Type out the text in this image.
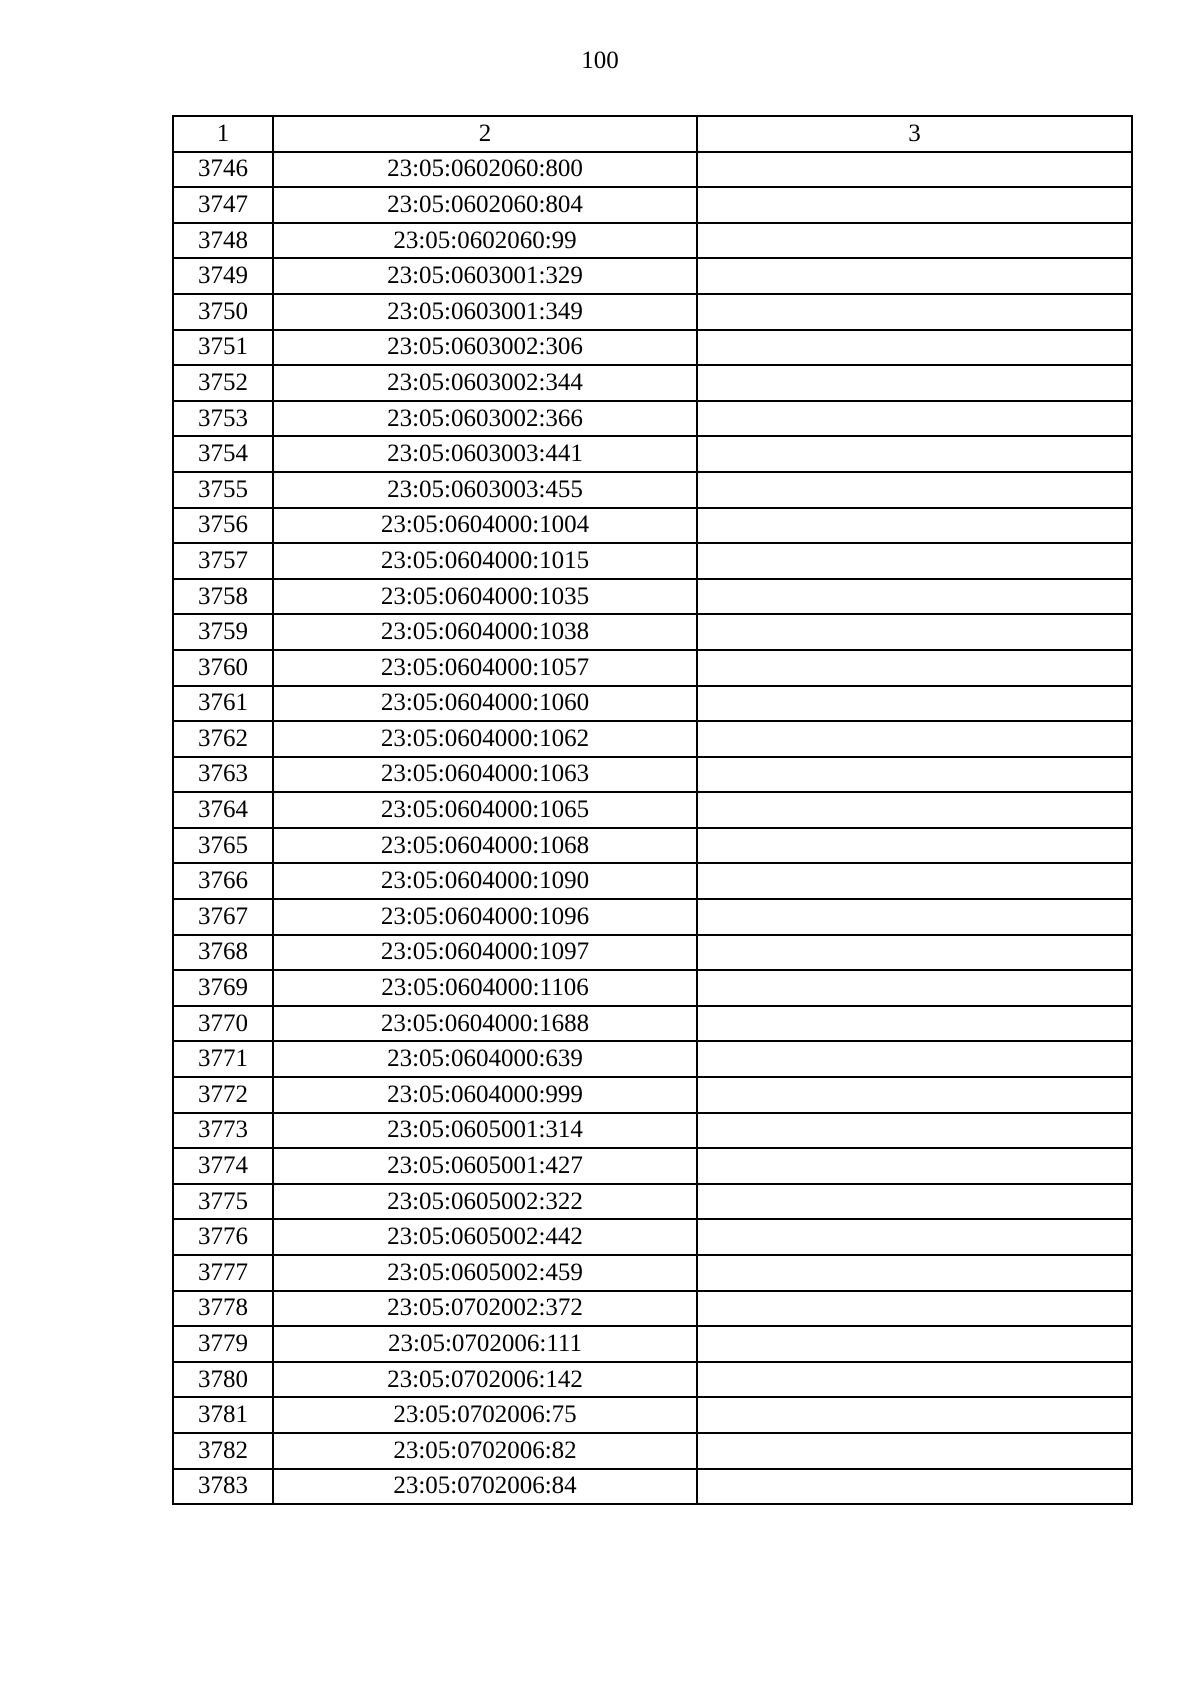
100
1	2	3
3746	23:05:0602060:800	
3747	23:05:0602060:804	
3748	23:05:0602060:99	
3749	23:05:0603001:329	
3750	23:05:0603001:349	
3751	23:05:0603002:306	
3752	23:05:0603002:344	
3753	23:05:0603002:366	
3754	23:05:0603003:441	
3755	23:05:0603003:455	
3756	23:05:0604000:1004	
3757	23:05:0604000:1015	
3758	23:05:0604000:1035	
3759	23:05:0604000:1038	
3760	23:05:0604000:1057	
3761	23:05:0604000:1060	
3762	23:05:0604000:1062	
3763	23:05:0604000:1063	
3764	23:05:0604000:1065	
3765	23:05:0604000:1068	
3766	23:05:0604000:1090	
3767	23:05:0604000:1096	
3768	23:05:0604000:1097	
3769	23:05:0604000:1106	
3770	23:05:0604000:1688	
3771	23:05:0604000:639	
3772	23:05:0604000:999	
3773	23:05:0605001:314	
3774	23:05:0605001:427	
3775	23:05:0605002:322	
3776	23:05:0605002:442	
3777	23:05:0605002:459	
3778	23:05:0702002:372	
3779	23:05:0702006:111	
3780	23:05:0702006:142	
3781	23:05:0702006:75	
3782	23:05:0702006:82	
3783	23:05:0702006:84	
